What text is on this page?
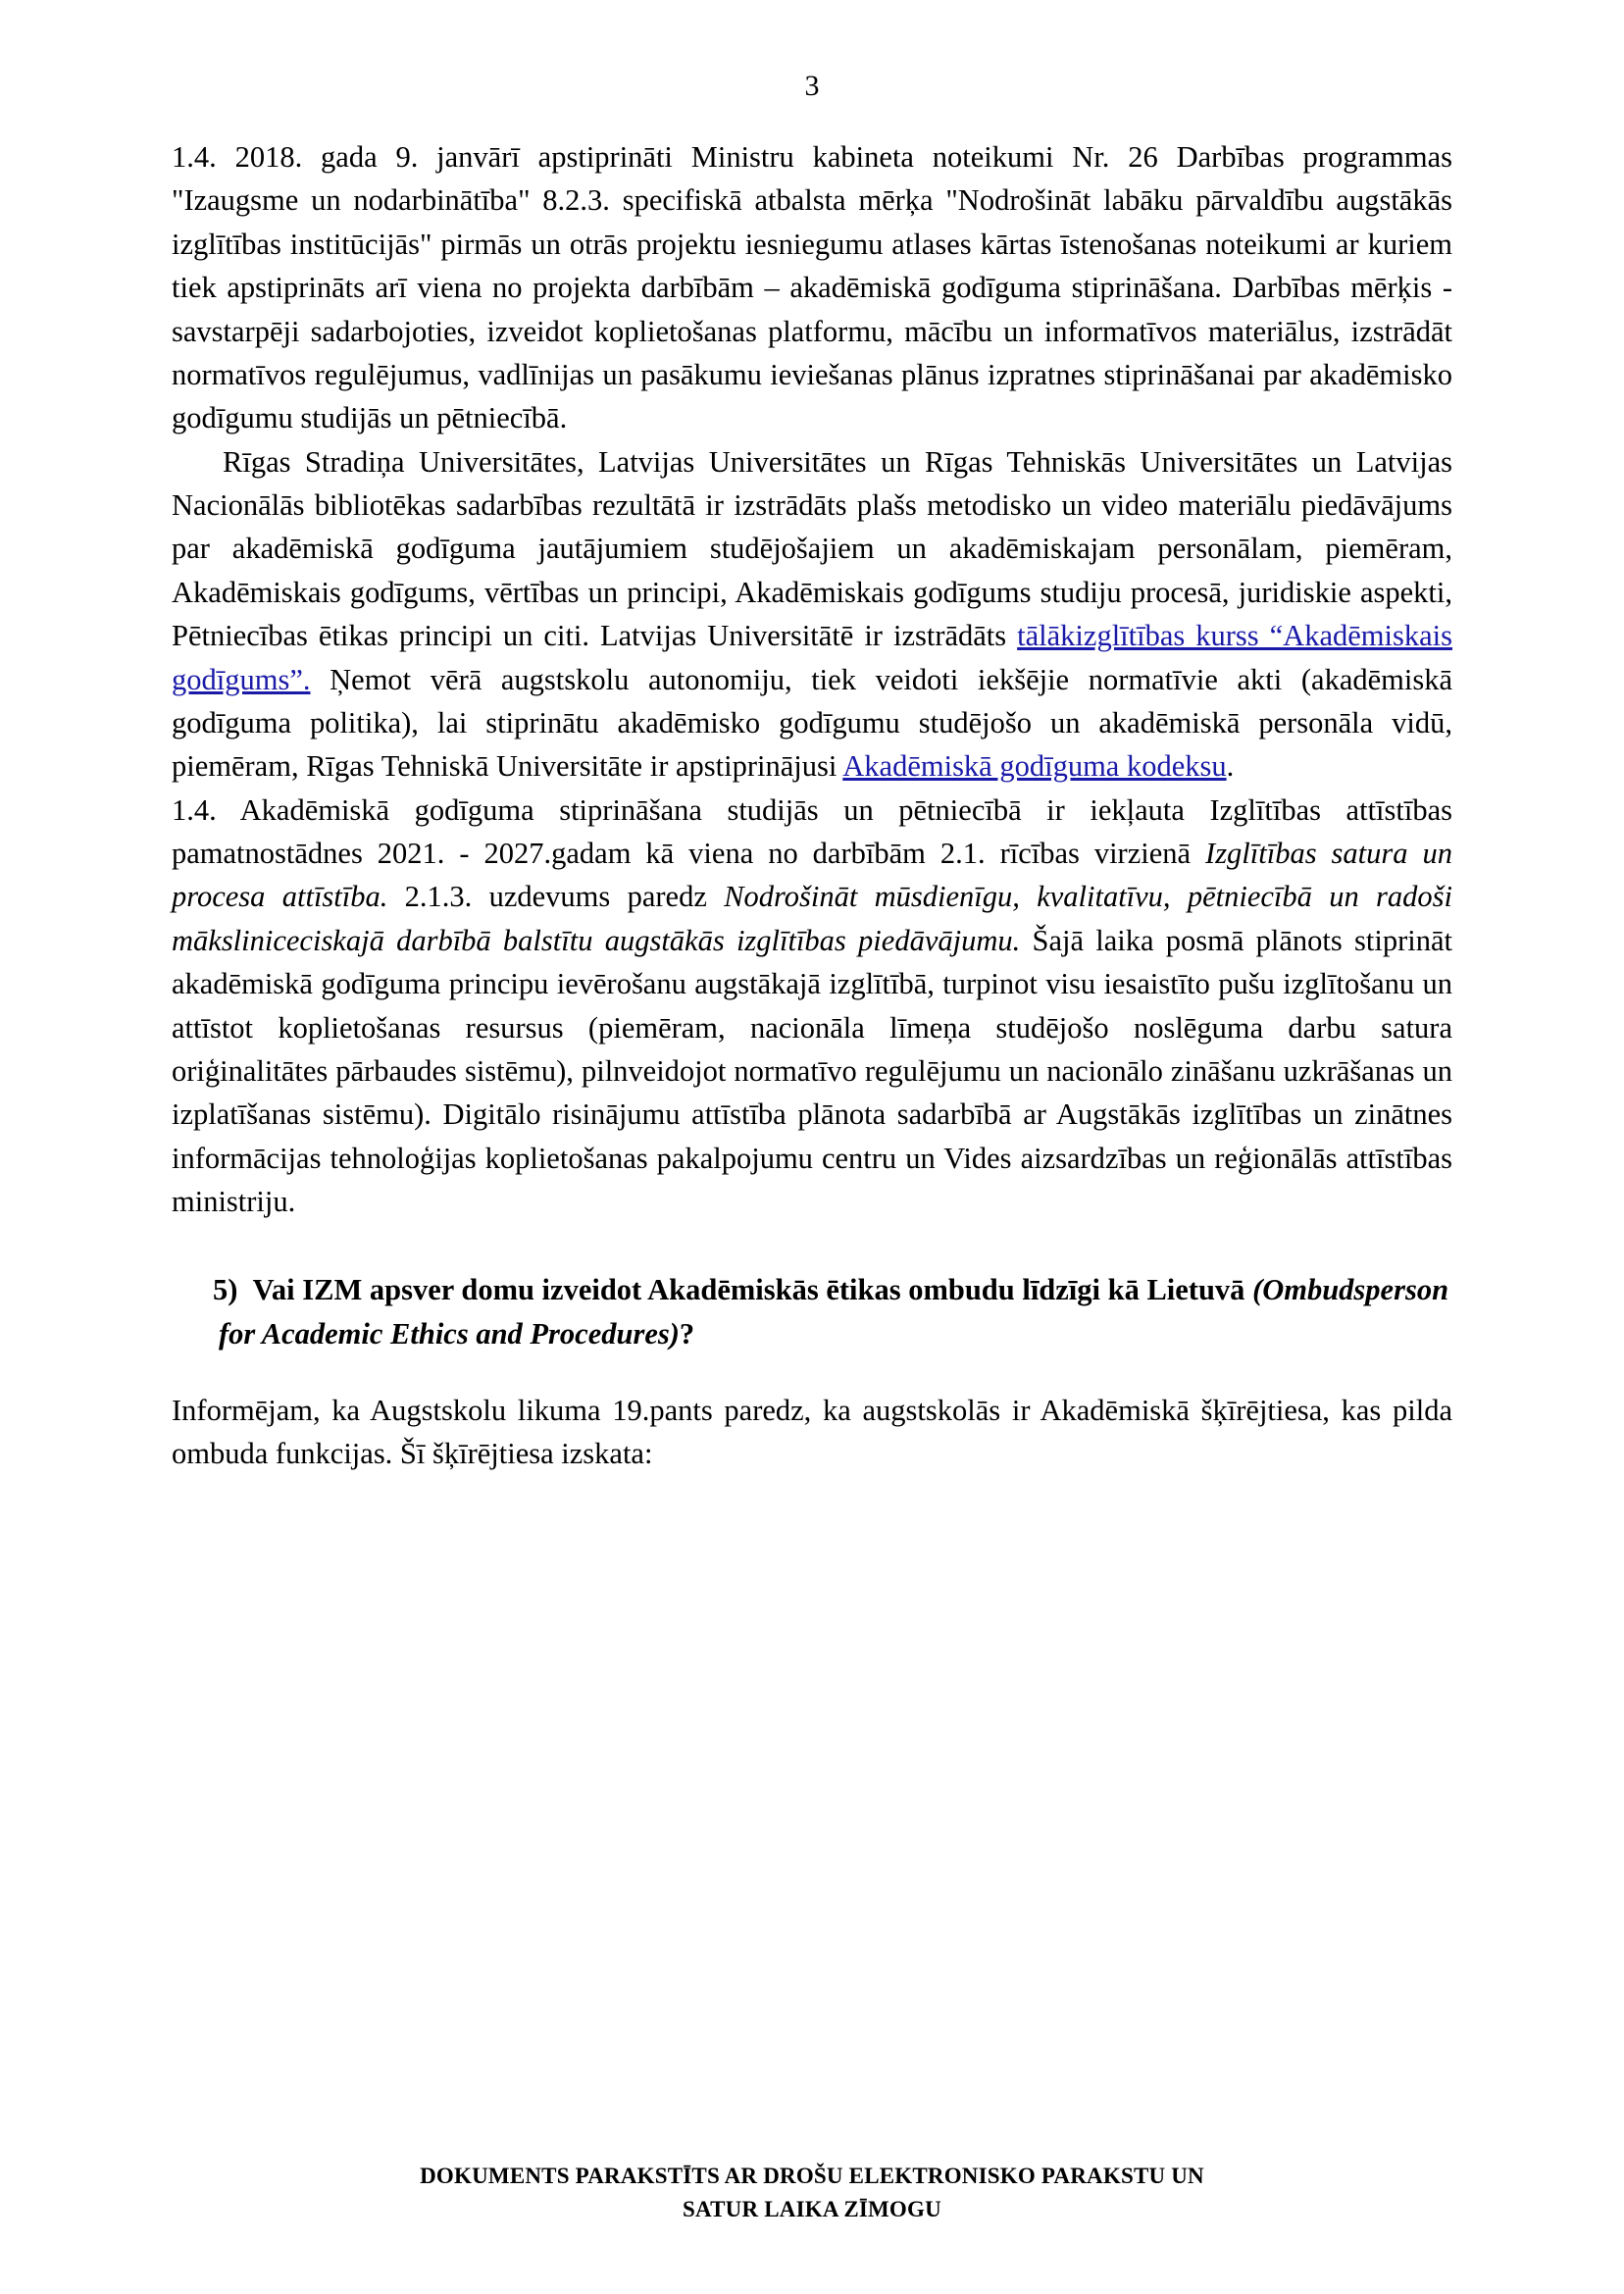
3

1.4. 2018. gada 9. janvārī apstiprināti Ministru kabineta noteikumi Nr. 26 Darbības programmas "Izaugsme un nodarbinātība" 8.2.3. specifiskā atbalsta mērķa "Nodrošināt labāku pārvaldību augstākās izglītības institūcijās" pirmās un otrās projektu iesniegumu atlases kārtas īstenošanas noteikumi ar kuriem tiek apstiprināts arī viena no projekta darbībām – akadēmiskā godīguma stiprināšana. Darbības mērķis - savstarpēji sadarbojoties, izveidot koplietošanas platformu, mācību un informatīvos materiālus, izstrādāt normatīvos regulējumus, vadlīnijas un pasākumu ieviešanas plānus izpratnes stiprināšanai par akadēmisko godīgumu studijās un pētniecībā.

Rīgas Stradiņa Universitātes, Latvijas Universitātes un Rīgas Tehniskās Universitātes un Latvijas Nacionālās bibliotēkas sadarbības rezultātā ir izstrādāts plašs metodisko un video materiālu piedāvājums par akadēmiskā godīguma jautājumiem studējošajiem un akadēmiskajam personālam, piemēram, Akadēmiskais godīgums, vērtības un principi, Akadēmiskais godīgums studiju procesā, juridiskie aspekti, Pētniecības ētikas principi un citi. Latvijas Universitātē ir izstrādāts tālākizglītības kurss “Akadēmiskais godīgums”. Ņemot vērā augstskolu autonomiju, tiek veidoti iekšējie normatīvie akti (akadēmiskā godīguma politika), lai stiprinātu akadēmisko godīgumu studējošo un akadēmiskā personāla vidū, piemēram, Rīgas Tehniskā Universitāte ir apstiprinājusi Akadēmiskā godīguma kodeksu.

1.4. Akadēmiskā godīguma stiprināšana studijās un pētniecībā ir iekļauta Izglītības attīstības pamatnostādnes 2021. - 2027.gadam kā viena no darbībām 2.1. rīcības virzienā Izglītības satura un procesa attīstība. 2.1.3. uzdevums paredz Nodrošināt mūsdienīgu, kvalitatīvu, pētniecībā un radoši māksliniceciskajā darbībā balstītu augstākās izglītības piedāvājumu. Šajā laika posmā plānots stiprināt akadēmiskā godīguma principu ievērošanu augstākajā izglītībā, turpinot visu iesaistīto pušu izglītošanu un attīstot koplietošanas resursus (piemēram, nacionāla līmeņa studējošo noslēguma darbu satura oriģinalitātes pārbaudes sistēmu), pilnveidojot normatīvo regulējumu un nacionālo zināšanu uzkrāšanas un izplatīšanas sistēmu). Digitālo risinājumu attīstība plānota sadarbībā ar Augstākās izglītības un zinātnes informācijas tehnoloģijas koplietošanas pakalpojumu centru un Vides aizsardzības un reģionālās attīstības ministriju.

5) Vai IZM apsver domu izveidot Akadēmiskās ētikas ombudu līdzīgi kā Lietuvā (Ombudsperson for Academic Ethics and Procedures)?

Informējam, ka Augstskolu likuma 19.pants paredz, ka augstskolās ir Akadēmiskā šķīrējtiesa, kas pilda ombuda funkcijas. Šī šķīrējtiesa izskata:

DOKUMENTS PARAKSTĪTS AR DROŠU ELEKTRONISKO PARAKSTU UN
SATUR LAIKA ZĪMOGU
